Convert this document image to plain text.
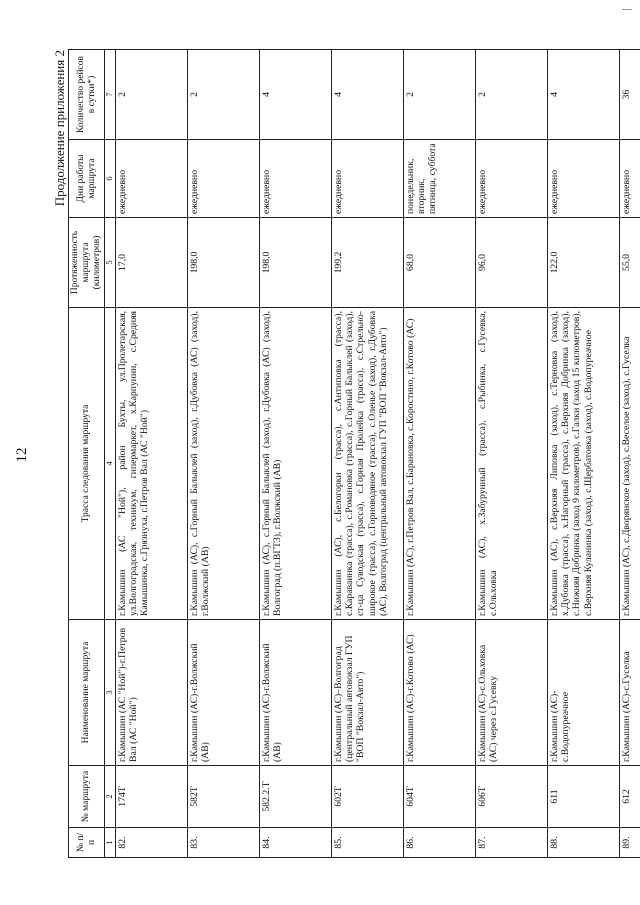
12
Продолжение приложения 2
№ п/п	№ маршрута	Наименование маршрута	Трасса следования маршрута	Протяженность маршрута (километров)	Дни работы маршрута	Количество рейсов в сутки*)
1	2	3	4	5	6	7
82.	174Т	г.Камышин (АС "Ной")-г.Петров Вал (АС "Ной")	г.Камышин (АС "Ной"), район Бухты, ул.Пролетарская, ул.Волгоградская, техникум, гипермаркет, х.Карпунин, с.Средняя Камышинка, с.Грязнуха, г.Петров Вал (АС "Ной")	17,0	ежедневно	2
83.	582Т	г.Камышин (АС)-г.Волжский (АВ)	г.Камышин (АС), с.Горный Балыклей (заход), г.Дубовка (АС) (заход), г.Волжский (АВ)	198,0	ежедневно	2
84.	582.2.Т	г.Камышин (АС)-г.Волжский (АВ)	г.Камышин (АС), с.Горный Балыклей (заход), г.Дубовка (АС) (заход), Волгоград (п.ВГТЗ), г.Волжский (АВ)	198,0	ежедневно	4
85.	602Т	г.Камышин (АС)–Волгоград (центральный автовокзал ГУП "ВОП "Вокзал-Авто")	г.Камышин (АС), с.Белогорки (трасса), с.Антиповка (трасса), с.Караваинка (трасса), с.Романовка (трасса), с.Горный Балыклей (заход), ст-ца Суводская (трасса), с.Горная Пролейка (трасса), с.Стрельно-широкое (трасса), с.Горноводяное (трасса), с.Оленье (заход), г.Дубовка (АС), Волгоград (центральный автовокзал ГУП "ВОП "Вокзал-Авто")	199,2	ежедневно	4
86.	604Т	г.Камышин (АС)-г.Котово (АС)	г.Камышин (АС), г.Петров Вал, с.Барановка, с.Коростино, г.Котово (АС)	68,0	понедельник, вторник, пятница, суббота	2
87.	606Т	г.Камышин (АС)-с.Ольховка (АС) через с.Гусевку	г.Камышин (АС), х.Забурунный (трасса), с.Рыбинка, с.Гусевка, с.Ольховка	96,0	ежедневно	2
88.	611	г.Камышин (АС)-с.Водопуреачное	г.Камышин (АС), с.Верхняя Липовка (заход), с.Терновка (заход), х.Дубовка (трасса), х.Нагорный (трасса), с.Верхняя Добринка (заход), с.Нижняя Добринка (заход 9 километров), с.Галки (заход 15 километров), с.Верхняя Куланинка (заход), с.Щербатовка (заход), с.Водопуреачное	122,0	ежедневно	4
89.	612	г.Камышин (АС)-с.Гуселка	г.Камышин (АС), с.Дворянское (заход), с.Веселое (заход), с.Гуселка	55,0	ежедневно	36
